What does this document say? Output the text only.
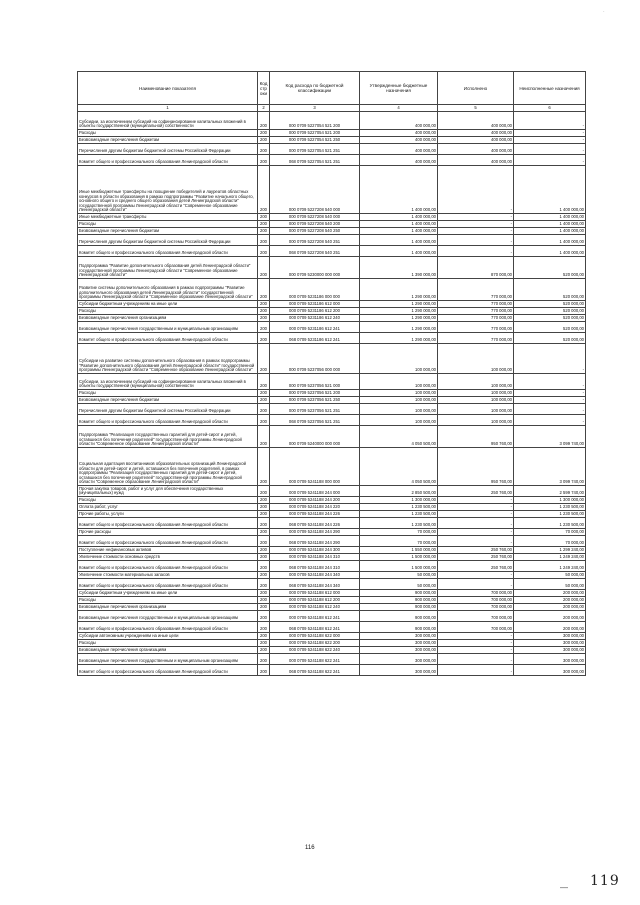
·
Наименование показателя	Код строки	Код расхода по бюджетной классификации	Утвержденные бюджетные назначения	Исполнено	Неисполненные назначения
1	2	3	4	5	6
Субсидии, за исключением субсидий на софинансирование капитальных вложений в объекты государственной (муниципальной) собственности	200	000 0709 5227054 521 200	400 000,00	400 000,00	-
Расходы	200	000 0709 5227054 521 200	400 000,00	400 000,00	-
Безвозмездные перечисления бюджетам	200	000 0709 5227054 521 250	400 000,00	400 000,00	-
Перечисления другим бюджетам бюджетной системы Российской Федерации	200	000 0709 5227054 521 251	400 000,00	400 000,00	-
Комитет общего и профессионального образования Ленинградской области	200	068 0709 5227054 521 251	400 000,00	400 000,00	-
Иные межбюджетные трансферты на поощрение победителей и лауреатов областных конкурсов в области образования в рамках подпрограммы "Развитие начального общего, основного общего и среднего общего образования детей Ленинградской области" государственной программы Ленинградской области "Современное образование Ленинградской области"	200	000 0709 5227208 540 000	1 400 000,00	-	1 400 000,00
Иные межбюджетные трансферты	200	000 0709 5227208 540 000	1 400 000,00	-	1 400 000,00
Расходы	200	000 0709 5227208 540 200	1 400 000,00	-	1 400 000,00
Безвозмездные перечисления бюджетам	200	000 0709 5227208 540 250	1 400 000,00	-	1 400 000,00
Перечисления другим бюджетам бюджетной системы Российской Федерации	200	000 0709 5227208 540 251	1 400 000,00	-	1 400 000,00
Комитет общего и профессионального образования Ленинградской области	200	068 0709 5227208 540 251	1 400 000,00	-	1 400 000,00
Подпрограмма "Развитие дополнительного образования детей Ленинградской области" государственной программы Ленинградской области "Современное образование Ленинградской области"	200	000 0709 5230000 000 000	1 390 000,00	870 000,00	520 000,00
Развитие системы дополнительного образования в рамках подпрограммы "Развитие дополнительного образования детей Ленинградской области" государственной программы Ленинградской области "Современное образование Ленинградской области"	200	000 0709 5231186 000 000	1 290 000,00	770 000,00	520 000,00
Субсидии бюджетным учреждениям на иные цели	200	000 0709 5231186 612 000	1 290 000,00	770 000,00	520 000,00
Расходы	200	000 0709 5231186 612 200	1 290 000,00	770 000,00	520 000,00
Безвозмездные перечисления организациям	200	000 0709 5231186 612 240	1 290 000,00	770 000,00	520 000,00
Безвозмездные перечисления государственным и муниципальным организациям	200	000 0709 5231186 612 241	1 290 000,00	770 000,00	520 000,00
Комитет общего и профессионального образования Ленинградской области	200	068 0709 5231186 612 241	1 290 000,00	770 000,00	520 000,00
Субсидии на развитие системы дополнительного образования в рамках подпрограммы "Развитие дополнительного образования детей Ленинградской области" государственной программы Ленинградской области "Современное образование Ленинградской области"	200	000 0709 5237056 000 000	100 000,00	100 000,00	-
Субсидии, за исключением субсидий на софинансирование капитальных вложений в объекты государственной (муниципальной) собственности	200	000 0709 5237056 521 000	100 000,00	100 000,00	-
Расходы	200	000 0709 5237056 521 200	100 000,00	100 000,00	-
Безвозмездные перечисления бюджетам	200	000 0709 5237056 521 250	100 000,00	100 000,00	-
Перечисления другим бюджетам бюджетной системы Российской Федерации	200	000 0709 5237056 521 251	100 000,00	100 000,00	-
Комитет общего и профессионального образования Ленинградской области	200	068 0709 5237056 521 251	100 000,00	100 000,00	-
Подпрограмма "Реализация государственных гарантий для детей-сирот и детей, оставшихся без попечения родителей" государственной программы Ленинградской области "Современное образование Ленинградской области"	200	000 0709 5240000 000 000	4 050 500,00	950 760,00	3 099 740,00
Социальная адаптация воспитанников образовательных организаций Ленинградской области для детей-сирот и детей, оставшихся без попечения родителей, в рамках подпрограммы "Реализация государственных гарантий для детей-сирот и детей, оставшихся без попечения родителей" государственной программы Ленинградской области "Современное образование Ленинградской области"	200	000 0709 5241188 000 000	4 050 500,00	950 760,00	3 099 740,00
Прочая закупка товаров, работ и услуг для обеспечения государственных (муниципальных) нужд	200	000 0709 5241188 244 000	2 850 500,00	250 760,00	2 599 740,00
Расходы	200	000 0709 5241188 244 200	1 300 000,00	-	1 300 000,00
Оплата работ, услуг	200	000 0709 5241188 244 220	1 230 500,00	-	1 230 500,00
Прочие работы, услуги	200	000 0709 5241188 244 226	1 230 500,00	-	1 230 500,00
Комитет общего и профессионального образования Ленинградской области	200	068 0709 5241188 244 226	1 230 500,00	-	1 230 500,00
Прочие расходы	200	000 0709 5241188 244 290	70 000,00	-	70 000,00
Комитет общего и профессионального образования Ленинградской области	200	068 0709 5241188 244 290	70 000,00	-	70 000,00
Поступление нефинансовых активов	200	000 0709 5241188 244 300	1 550 000,00	250 760,00	1 299 240,00
Увеличение стоимости основных средств	200	000 0709 5241188 244 310	1 500 000,00	250 760,00	1 249 240,00
Комитет общего и профессионального образования Ленинградской области	200	068 0709 5241188 244 310	1 500 000,00	250 760,00	1 249 240,00
Увеличение стоимости материальных запасов	200	000 0709 5241188 244 340	50 000,00	-	50 000,00
Комитет общего и профессионального образования Ленинградской области	200	068 0709 5241188 244 340	50 000,00	-	50 000,00
Субсидии бюджетным учреждениям на иные цели	200	000 0709 5241188 612 000	900 000,00	700 000,00	200 000,00
Расходы	200	000 0709 5241188 612 200	900 000,00	700 000,00	200 000,00
Безвозмездные перечисления организациям	200	000 0709 5241188 612 240	900 000,00	700 000,00	200 000,00
Безвозмездные перечисления государственным и муниципальным организациям	200	000 0709 5241188 612 241	900 000,00	700 000,00	200 000,00
Комитет общего и профессионального образования Ленинградской области	200	068 0709 5241188 612 241	900 000,00	700 000,00	200 000,00
Субсидии автономным учреждениям на иные цели	200	000 0709 5241188 622 000	300 000,00	-	300 000,00
Расходы	200	000 0709 5241188 622 200	300 000,00	-	300 000,00
Безвозмездные перечисления организациям	200	000 0709 5241188 622 240	300 000,00	-	300 000,00
Безвозмездные перечисления государственным и муниципальным организациям	200	000 0709 5241188 622 241	300 000,00	-	300 000,00
Комитет общего и профессионального образования Ленинградской области	200	068 0709 5241188 622 241	300 000,00	-	300 000,00
116
— 119
